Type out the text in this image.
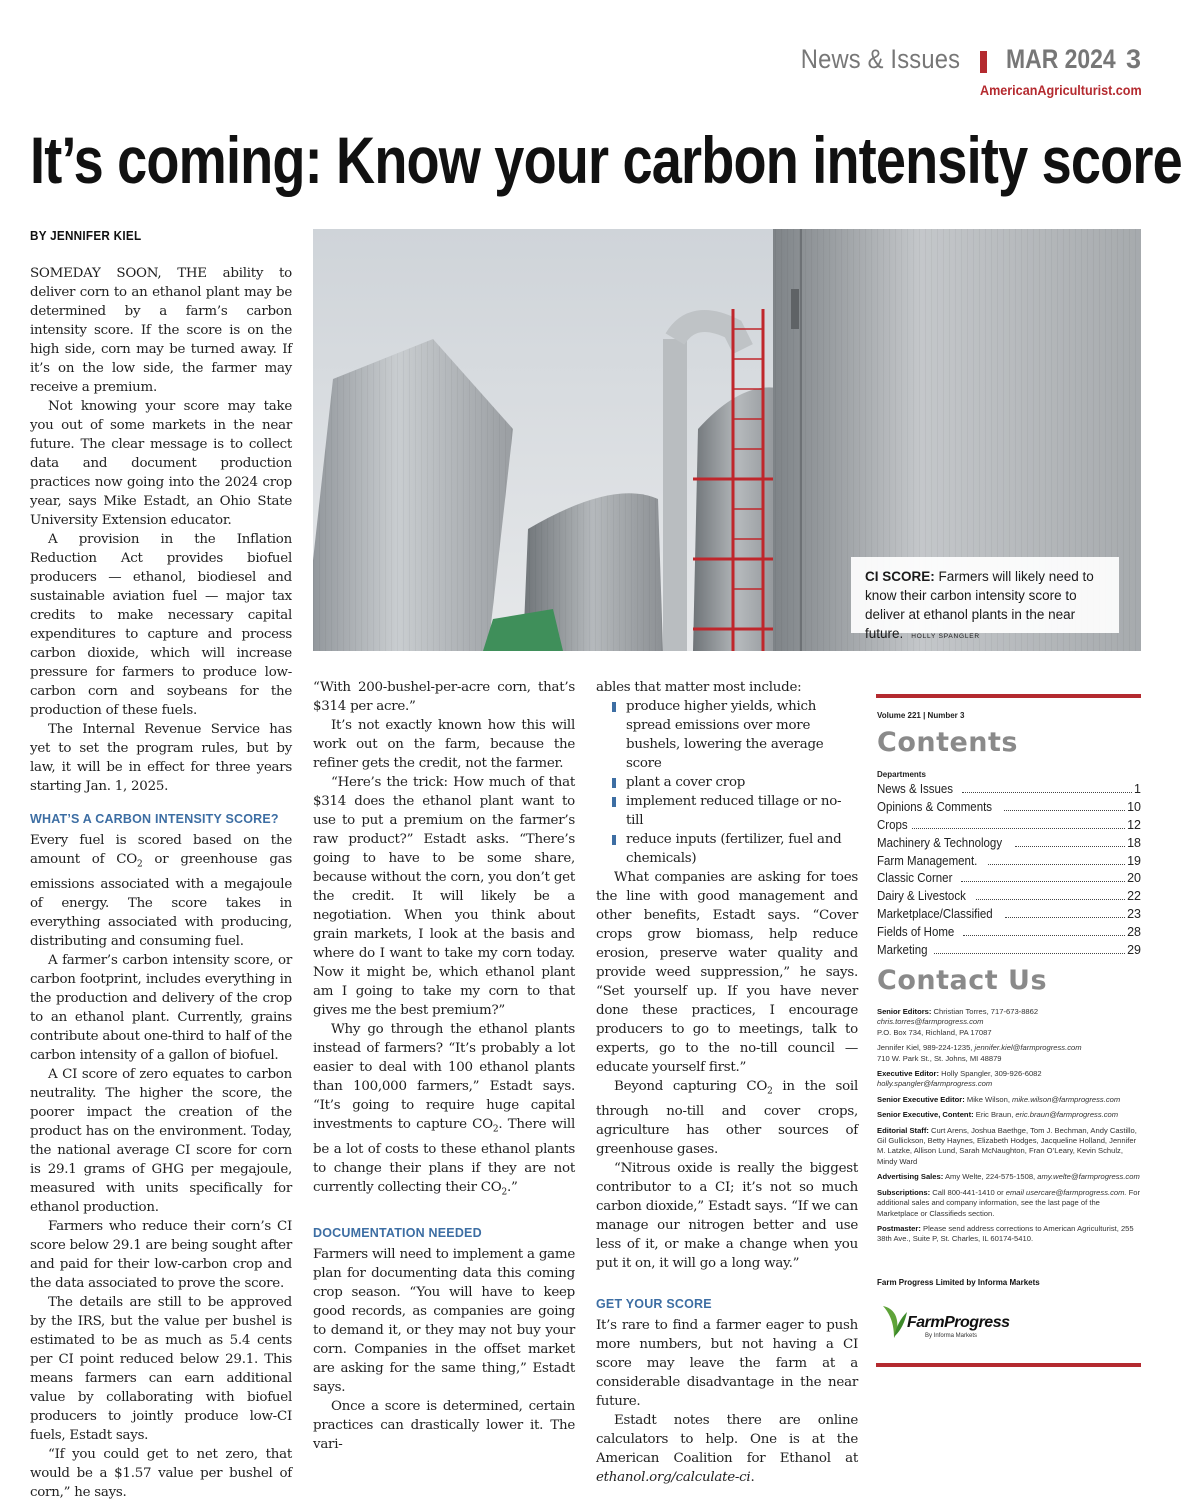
News & Issues MAR 2024 3
AmericanAgriculturist.com
It’s coming: Know your carbon intensity score
BY JENNIFER KIEL

SOMEDAY SOON, THE ability to deliver corn to an ethanol plant may be determined by a farm’s carbon intensity score. If the score is on the high side, corn may be turned away. If it’s on the low side, the farmer may receive a premium.

Not knowing your score may take you out of some markets in the near future. The clear message is to collect data and document production practices now going into the 2024 crop year, says Mike Estadt, an Ohio State University Extension educator.

A provision in the Inflation Reduction Act provides biofuel producers — ethanol, biodiesel and sustainable aviation fuel — major tax credits to make necessary capital expenditures to capture and process carbon dioxide, which will increase pressure for farmers to produce low-carbon corn and soybeans for the production of these fuels.

The Internal Revenue Service has yet to set the program rules, but by law, it will be in effect for three years starting Jan. 1, 2025.

WHAT’S A CARBON INTENSITY SCORE?

Every fuel is scored based on the amount of $CO_2$ or greenhouse gas emissions associated with a megajoule of energy. The score takes in everything associated with producing, distributing and consuming fuel.

A farmer’s carbon intensity score, or carbon footprint, includes everything in the production and delivery of the crop to an ethanol plant. Currently, grains contribute about one-third to half of the carbon intensity of a gallon of biofuel.

A CI score of zero equates to carbon neutrality. The higher the score, the poorer impact the creation of the product has on the environment. Today, the national average CI score for corn is 29.1 grams of GHG per megajoule, measured with units specifically for ethanol production.

Farmers who reduce their corn’s CI score below 29.1 are being sought after and paid for their low-carbon crop and the data associated to prove the score.

The details are still to be approved by the IRS, but the value per bushel is estimated to be as much as 5.4 cents per CI point reduced below 29.1. This means farmers can earn additional value by collaborating with biofuel producers to jointly produce low-CI fuels, Estadt says.

“If you could get to net zero, that would be a $1.57 value per bushel of corn,” he says.

CI SCORE: Farmers will likely need to know their carbon intensity score to deliver at ethanol plants in the near future. HOLLY SPANGLER

“With 200-bushel-per-acre corn, that’s $314 per acre.”

It’s not exactly known how this will work out on the farm, because the refiner gets the credit, not the farmer.

“Here’s the trick: How much of that $314 does the ethanol plant want to use to put a premium on the farmer’s raw product?” Estadt asks. “There’s going to have to be some share, because without the corn, you don’t get the credit. It will likely be a negotiation. When you think about grain markets, I look at the basis and where do I want to take my corn today. Now it might be, which ethanol plant am I going to take my corn to that gives me the best premium?”

Why go through the ethanol plants instead of farmers? “It’s probably a lot easier to deal with 100 ethanol plants than 100,000 farmers,” Estadt says. “It’s going to require huge capital investments to capture $CO_2$. There will be a lot of costs to these ethanol plants to change their plans if they are not currently collecting their $CO_2$.”

DOCUMENTATION NEEDED

Farmers will need to implement a game plan for documenting data this coming crop season. “You will have to keep good records, as companies are going to demand it, or they may not buy your corn. Companies in the offset market are asking for the same thing,” Estadt says.

Once a score is determined, certain practices can drastically lower it. The vari-

ables that matter most include:

produce higher yields, which spread emissions over more bushels, lowering the average score
plant a cover crop
implement reduced tillage or no-till
reduce inputs (fertilizer, fuel and chemicals)

What companies are asking for toes the line with good management and other benefits, Estadt says. “Cover crops grow biomass, help reduce erosion, preserve water quality and provide weed suppression,” he says. “Set yourself up. If you have never done these practices, I encourage producers to go to meetings, talk to experts, go to the no-till council — educate yourself first.”

Beyond capturing $CO_2$ in the soil through no-till and cover crops, agriculture has other sources of greenhouse gases.

“Nitrous oxide is really the biggest contributor to a CI; it’s not so much carbon dioxide,” Estadt says. “If we can manage our nitrogen better and use less of it, or make a change when you put it on, it will go a long way.”

GET YOUR SCORE

It’s rare to find a farmer eager to push more numbers, but not having a CI score may leave the farm at a considerable disadvantage in the near future.

Estadt notes there are online calculators to help. One is at the American Coalition for Ethanol at ethanol.org/calculate-ci.

Volume 221 | Number 3
Contents
Departments
News & Issues	1
Opinions & Comments	10
Crops	12
Machinery & Technology	18
Farm Management.	19
Classic Corner	20
Dairy & Livestock	22
Marketplace/Classified	23
Fields of Home	28
Marketing	29
Contact Us
Senior Editors: Christian Torres, 717-673-8862
chris.torres@farmprogress.com
P.O. Box 734, Richland, PA 17087
Jennifer Kiel, 989-224-1235, jennifer.kiel@farmprogress.com
710 W. Park St., St. Johns, MI 48879
Executive Editor: Holly Spangler, 309-926-6082
holly.spangler@farmprogress.com
Senior Executive Editor: Mike Wilson, mike.wilson@farmprogress.com
Senior Executive, Content: Eric Braun, eric.braun@farmprogress.com
Editorial Staff: Curt Arens, Joshua Baethge, Tom J. Bechman, Andy Castillo, Gil Gullickson, Betty Haynes, Elizabeth Hodges, Jacqueline Holland, Jennifer M. Latzke, Allison Lund, Sarah McNaughton, Fran O’Leary, Kevin Schulz, Mindy Ward
Advertising Sales: Amy Welte, 224-575-1508, amy.welte@farmprogress.com
Subscriptions: Call 800-441-1410 or email usercare@farmprogress.com. For additional sales and company information, see the last page of the Marketplace or Classifieds section.
Postmaster: Please send address corrections to American Agriculturist, 255 38th Ave., Suite P, St. Charles, IL 60174-5410.
Farm Progress Limited by Informa Markets
FarmProgress
By Informa Markets
